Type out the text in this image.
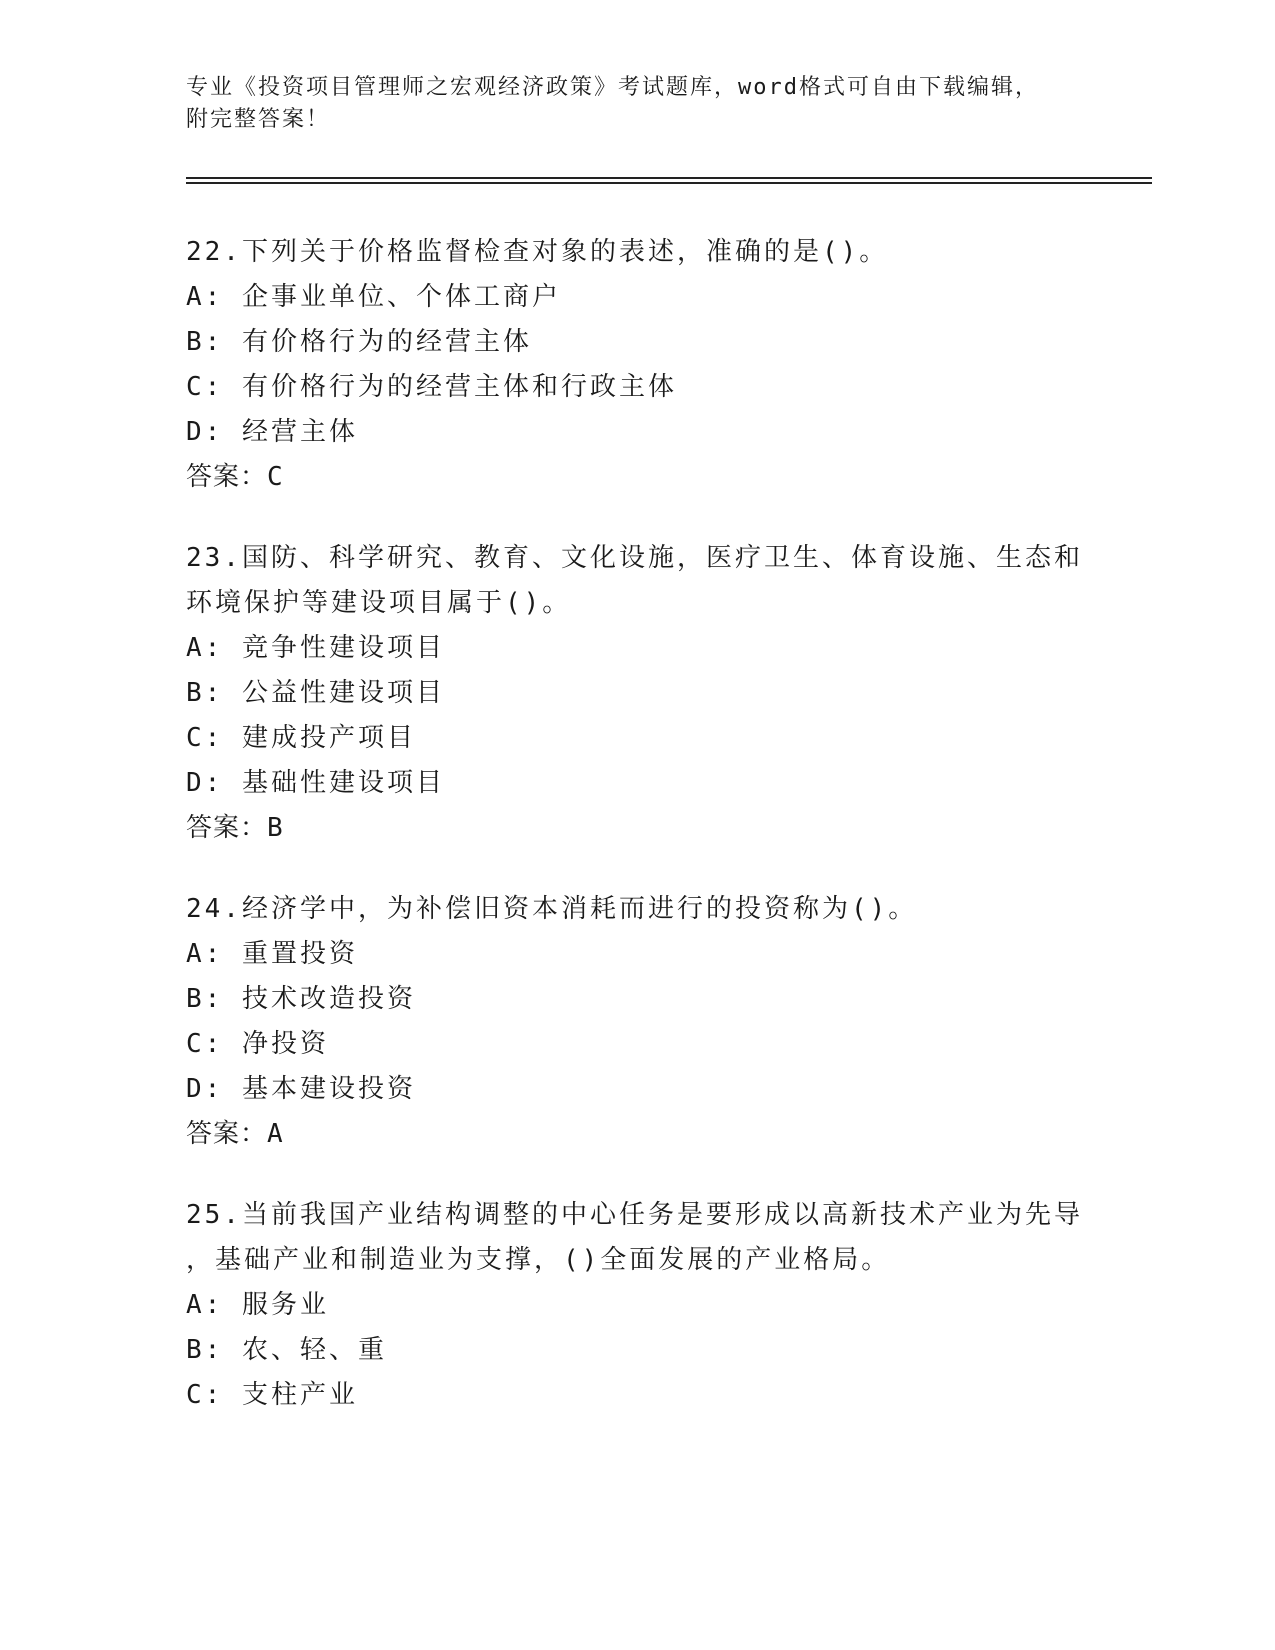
专业《投资项目管理师之宏观经济政策》考试题库，word格式可自由下载编辑，
附完整答案！
22.下列关于价格监督检查对象的表述，准确的是()。
A: 企事业单位、个体工商户
B: 有价格行为的经营主体
C: 有价格行为的经营主体和行政主体
D: 经营主体
答案：C
23.国防、科学研究、教育、文化设施，医疗卫生、体育设施、生态和
环境保护等建设项目属于()。
A: 竞争性建设项目
B: 公益性建设项目
C: 建成投产项目
D: 基础性建设项目
答案：B
24.经济学中，为补偿旧资本消耗而进行的投资称为()。
A: 重置投资
B: 技术改造投资
C: 净投资
D: 基本建设投资
答案：A
25.当前我国产业结构调整的中心任务是要形成以高新技术产业为先导
，基础产业和制造业为支撑，()全面发展的产业格局。
A: 服务业
B: 农、轻、重
C: 支柱产业
